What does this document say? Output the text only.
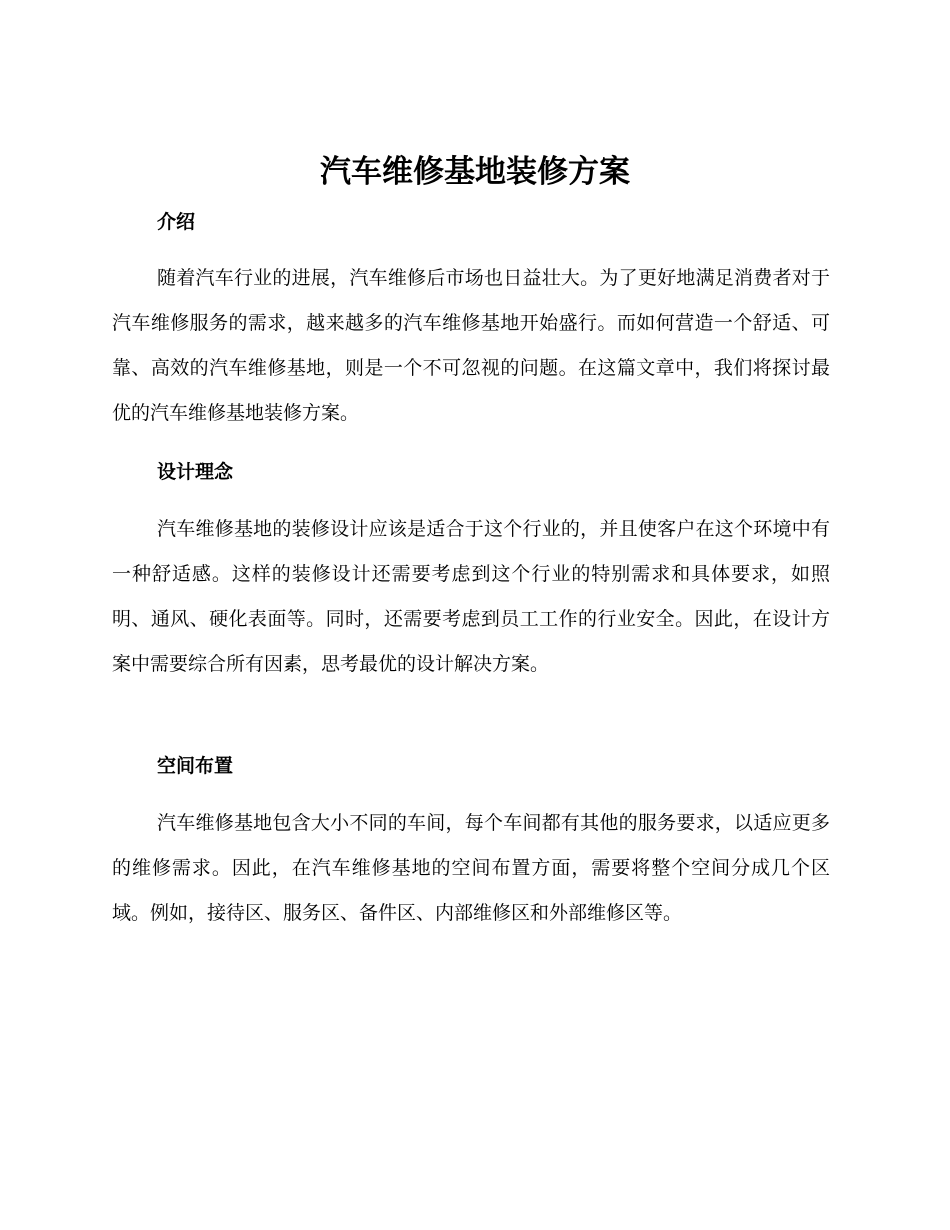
汽车维修基地装修方案
介绍

随着汽车行业的进展，汽车维修后市场也日益壮大。为了更好地满足消费者对于汽车维修服务的需求，越来越多的汽车维修基地开始盛行。而如何营造一个舒适、可靠、高效的汽车维修基地，则是一个不可忽视的问题。在这篇文章中，我们将探讨最优的汽车维修基地装修方案。

设计理念

汽车维修基地的装修设计应该是适合于这个行业的，并且使客户在这个环境中有一种舒适感。这样的装修设计还需要考虑到这个行业的特别需求和具体要求，如照明、通风、硬化表面等。同时，还需要考虑到员工工作的行业安全。因此，在设计方案中需要综合所有因素，思考最优的设计解决方案。

空间布置

汽车维修基地包含大小不同的车间，每个车间都有其他的服务要求，以适应更多的维修需求。因此，在汽车维修基地的空间布置方面，需要将整个空间分成几个区域。例如，接待区、服务区、备件区、内部维修区和外部维修区等。
